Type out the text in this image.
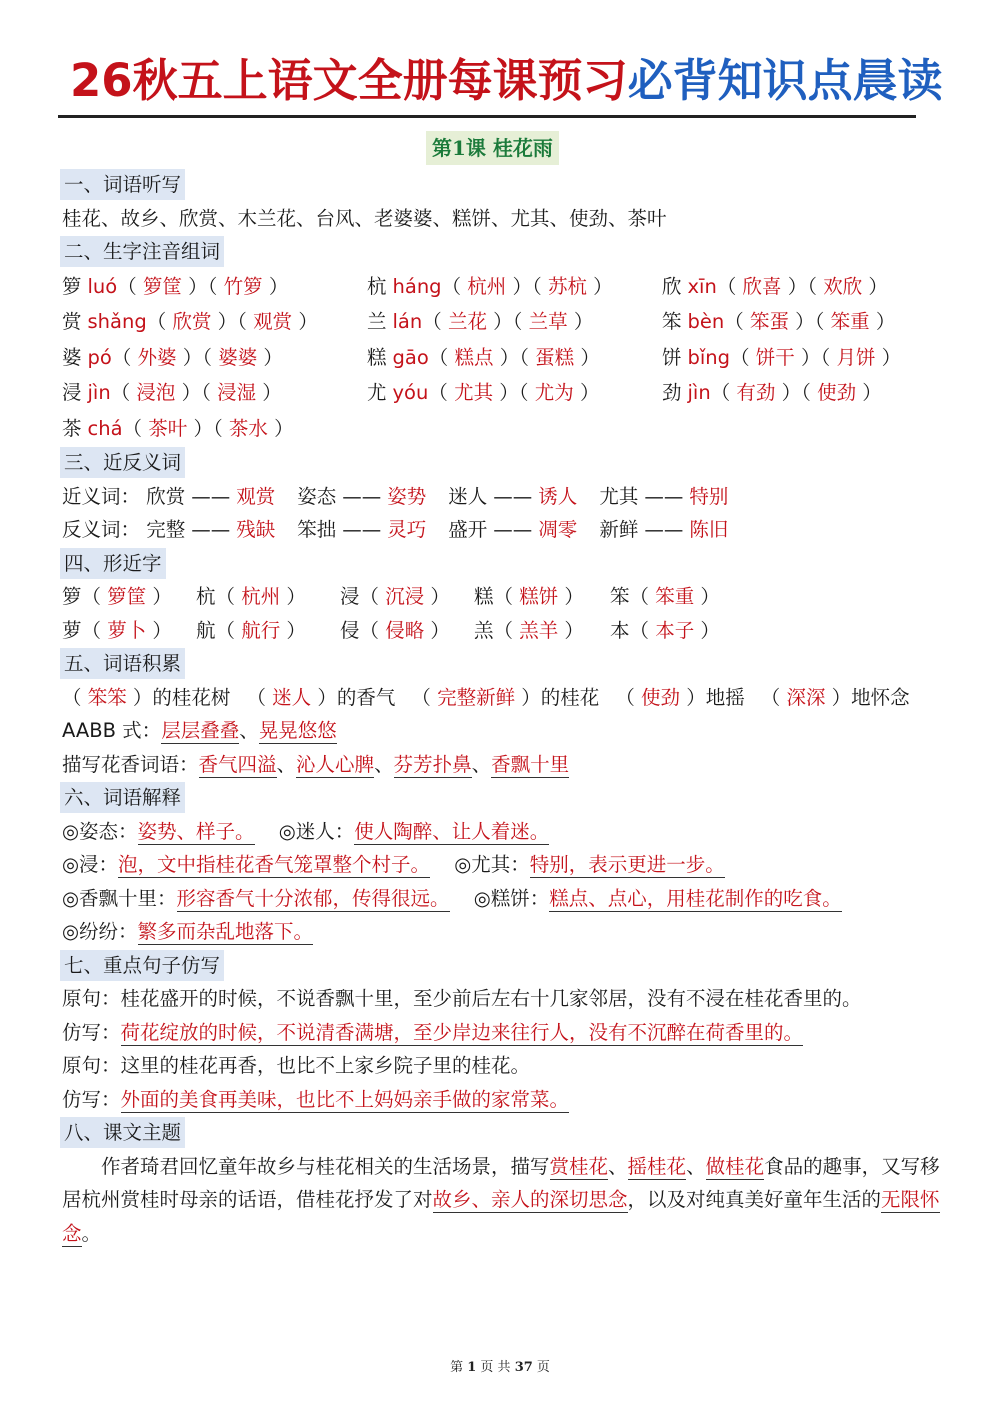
26秋五上语文全册每课预习必背知识点晨读
第1课 桂花雨
一、词语听写
桂花、故乡、欣赏、木兰花、台风、老婆婆、糕饼、尤其、使劲、茶叶
二、生字注音组词
箩 luó（ 箩筐 ）（ 竹箩 ）	杭 háng（ 杭州 ）（ 苏杭 ）	欣 xīn（ 欣喜 ）（ 欢欣 ）
赏 shǎng（ 欣赏 ）（ 观赏 ）	兰 lán（ 兰花 ）（ 兰草 ）	笨 bèn（ 笨蛋 ）（ 笨重 ）
婆 pó（ 外婆 ）（ 婆婆 ）	糕 gāo（ 糕点 ）（ 蛋糕 ）	饼 bǐng（ 饼干 ）（ 月饼 ）
浸 jìn（ 浸泡 ）（ 浸湿 ）	尤 yóu（ 尤其 ）（ 尤为 ）	劲 jìn（ 有劲 ）（ 使劲 ）
茶 chá（ 茶叶 ）（ 茶水 ）
三、近反义词
近义词： 欣赏 —— 观赏 姿态 —— 姿势 迷人 —— 诱人 尤其 —— 特别
反义词： 完整 —— 残缺 笨拙 —— 灵巧 盛开 —— 凋零 新鲜 —— 陈旧
四、形近字
箩（ 箩筐 ） 杭（ 杭州 ） 浸（ 沉浸 ） 糕（ 糕饼 ） 笨（ 笨重 ）
萝（ 萝卜 ） 航（ 航行 ） 侵（ 侵略 ） 羔（ 羔羊 ） 本（ 本子 ）
五、词语积累
（ 笨笨 ）的桂花树 （ 迷人 ）的香气 （ 完整新鲜 ）的桂花 （ 使劲 ）地摇 （ 深深 ）地怀念
AABB 式：层层叠叠、晃晃悠悠
描写花香词语：香气四溢、沁人心脾、芬芳扑鼻、香飘十里
六、词语解释
◎姿态：姿势、样子。 ◎迷人：使人陶醉、让人着迷。
◎浸：泡，文中指桂花香气笼罩整个村子。 ◎尤其：特别，表示更进一步。
◎香飘十里：形容香气十分浓郁，传得很远。 ◎糕饼：糕点、点心，用桂花制作的吃食。
◎纷纷：繁多而杂乱地落下。
七、重点句子仿写
原句：桂花盛开的时候，不说香飘十里，至少前后左右十几家邻居，没有不浸在桂花香里的。
仿写：荷花绽放的时候，不说清香满塘，至少岸边来往行人，没有不沉醉在荷香里的。
原句：这里的桂花再香，也比不上家乡院子里的桂花。
仿写：外面的美食再美味，也比不上妈妈亲手做的家常菜。
八、课文主题
作者琦君回忆童年故乡与桂花相关的生活场景，描写赏桂花、摇桂花、做桂花食品的趣事，又写移居杭州赏桂时母亲的话语，借桂花抒发了对故乡、亲人的深切思念，以及对纯真美好童年生活的无限怀念。
第 1 页 共 37 页
